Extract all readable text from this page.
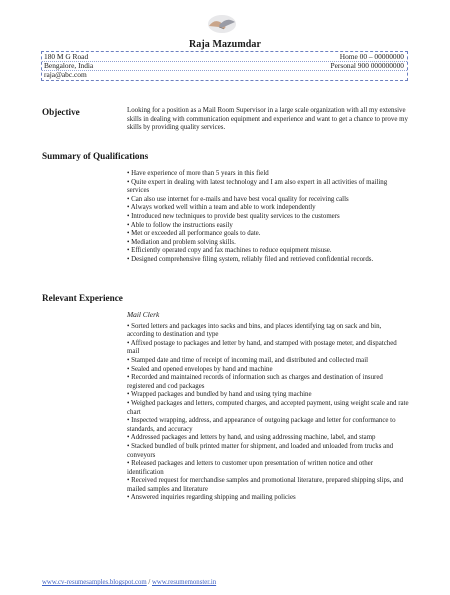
Raja Mazumdar
180 M G Road	Home 00 – 00000000
Bengalore, India	Personal 900 000000000
raja@abc.com
Objective	Looking for a position as a Mail Room Supervisor in a large scale organization with all my extensive skills in dealing with communication equipment and experience and want to get a chance to prove my skills by providing quality services.

Summary of Qualifications
• Have experience of more than 5 years in this field
• Quite expert in dealing with latest technology and I am also expert in all activities of mailing services
• Can also use internet for e-mails and have best vocal quality for receiving calls
• Always worked well within a team and able to work independently
• Introduced new techniques to provide best quality services to the customers
• Able to follow the instructions easily
• Met or exceeded all performance goals to date.
• Mediation and problem solving skills.
• Efficiently operated copy and fax machines to reduce equipment misuse.
• Designed comprehensive filing system, reliably filed and retrieved confidential records.
Relevant Experience
Mail Clerk
• Sorted letters and packages into sacks and bins, and places identifying tag on sack and bin, according to destination and type
• Affixed postage to packages and letter by hand, and stamped with postage meter, and dispatched mail
• Stamped date and time of receipt of incoming mail, and distributed and collected mail
• Sealed and opened envelopes by hand and machine
• Recorded and maintained records of information such as charges and destination of insured registered and cod packages
• Wrapped packages and bundled by hand and using tying machine
• Weighed packages and letters, computed charges, and accepted payment, using weight scale and rate chart
• Inspected wrapping, address, and appearance of outgoing package and letter for conformance to standards, and accuracy
• Addressed packages and letters by hand, and using addressing machine, label, and stamp
• Stacked bundled of bulk printed matter for shipment, and loaded and unloaded from trucks and conveyors
• Released packages and letters to customer upon presentation of written notice and other identification
• Received request for merchandise samples and promotional literature, prepared shipping slips, and mailed samples and literature
• Answered inquiries regarding shipping and mailing policies
www.cv-resumesamples.blogspot.com / www.resumemonster.in
